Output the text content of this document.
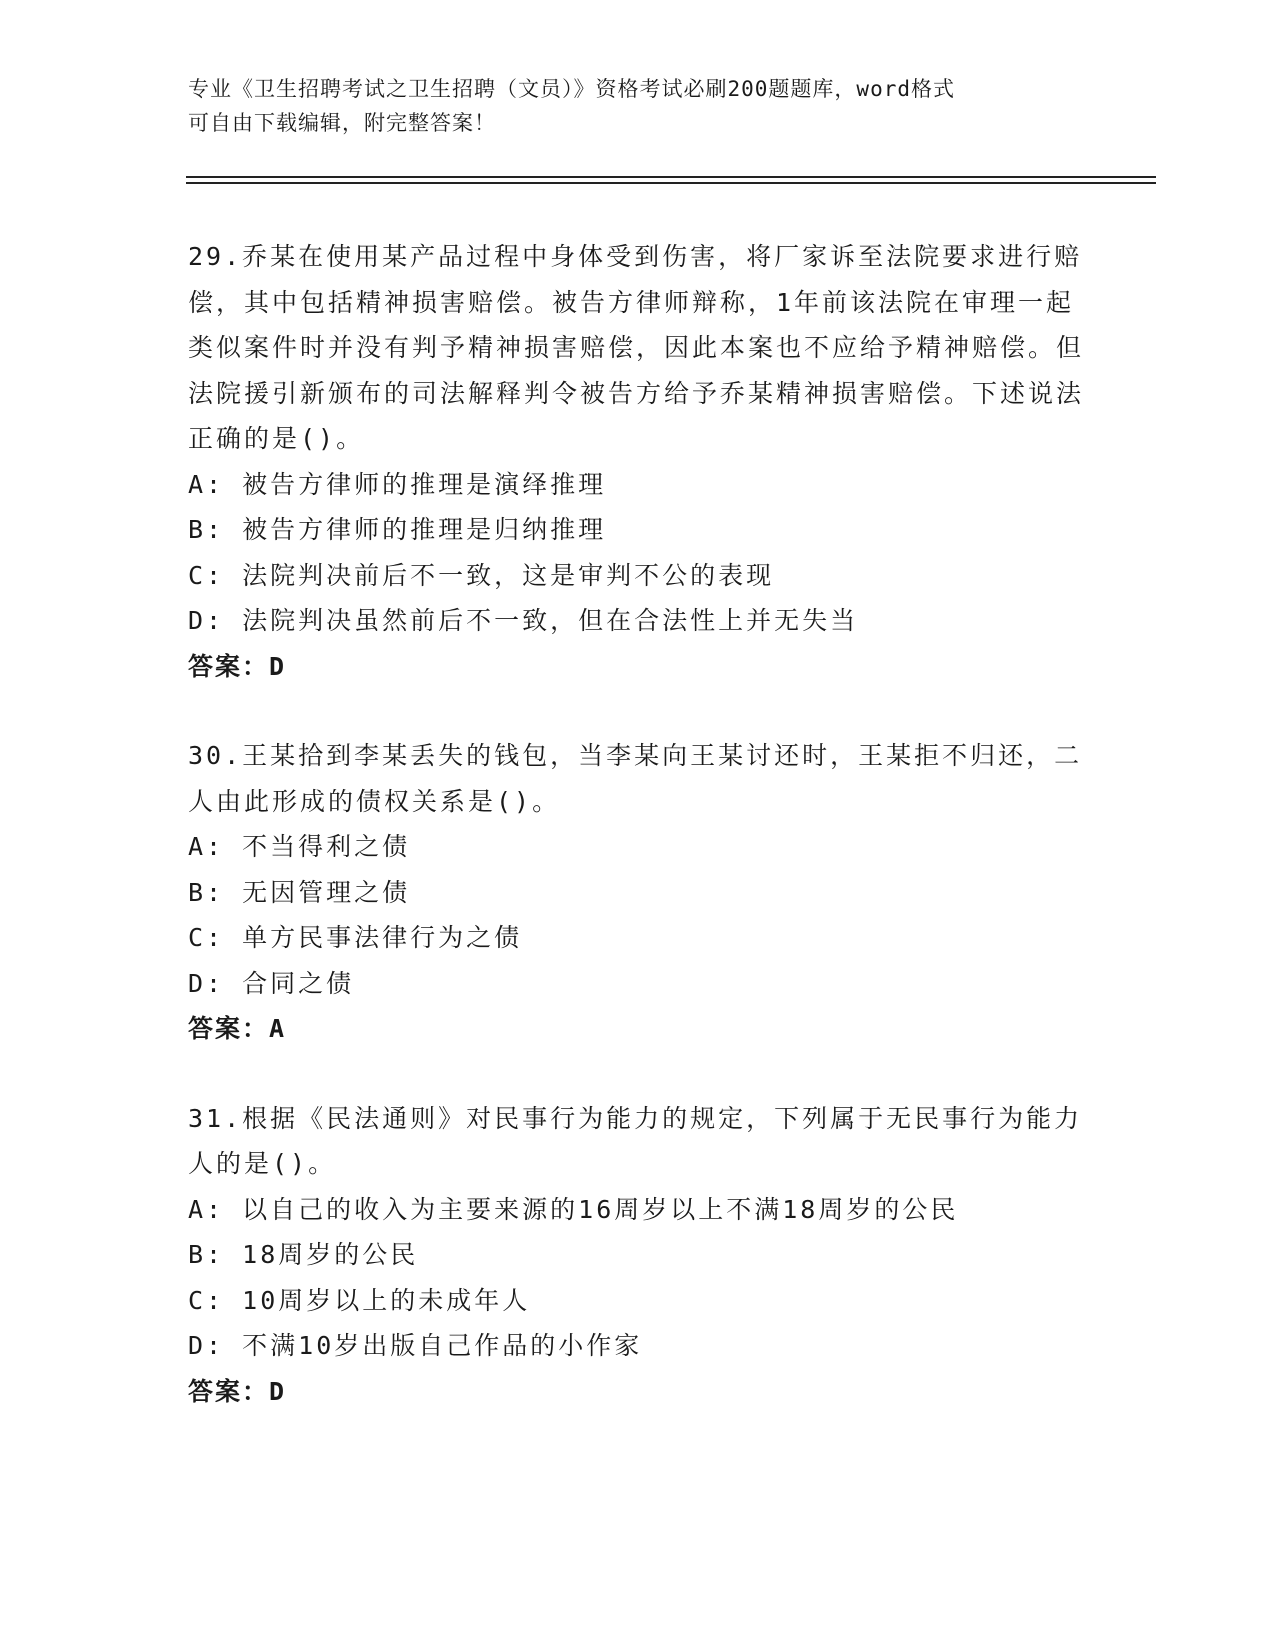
专业《卫生招聘考试之卫生招聘（文员）》资格考试必刷200题题库，word格式
可自由下载编辑，附完整答案！

29.乔某在使用某产品过程中身体受到伤害，将厂家诉至法院要求进行赔偿，其中包括精神损害赔偿。被告方律师辩称，1年前该法院在审理一起类似案件时并没有判予精神损害赔偿，因此本案也不应给予精神赔偿。但法院援引新颁布的司法解释判令被告方给予乔某精神损害赔偿。下述说法正确的是()。

A: 被告方律师的推理是演绎推理

B: 被告方律师的推理是归纳推理

C: 法院判决前后不一致，这是审判不公的表现

D: 法院判决虽然前后不一致，但在合法性上并无失当

答案：D

30.王某拾到李某丢失的钱包，当李某向王某讨还时，王某拒不归还，二人由此形成的债权关系是()。

A: 不当得利之债

B: 无因管理之债

C: 单方民事法律行为之债

D: 合同之债

答案：A

31.根据《民法通则》对民事行为能力的规定，下列属于无民事行为能力人的是()。

A: 以自己的收入为主要来源的16周岁以上不满18周岁的公民

B: 18周岁的公民

C: 10周岁以上的未成年人

D: 不满10岁出版自己作品的小作家

答案：D
